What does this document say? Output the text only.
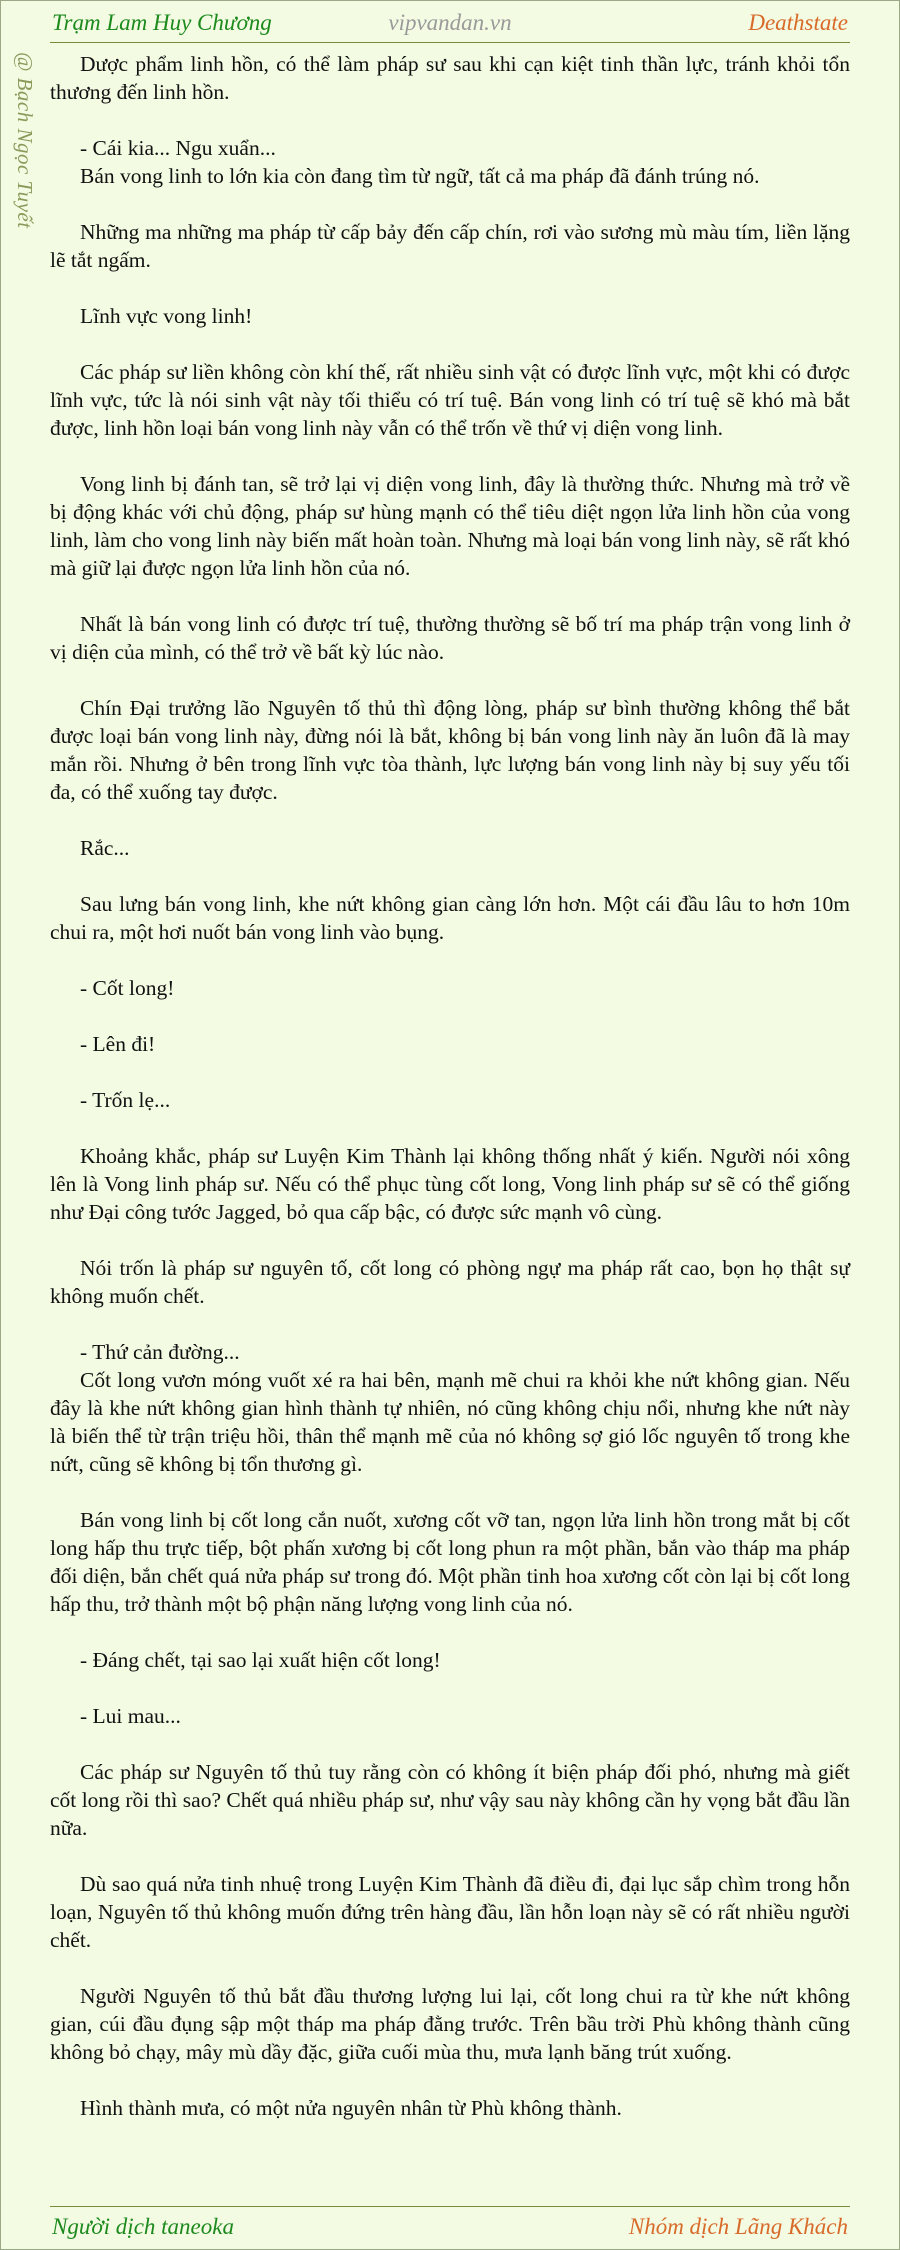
Trạm Lam Huy Chương	vipvandan.vn	Deathstate
@ Bạch Ngọc Tuyết	Dược phẩm linh hồn, có thể làm pháp sư sau khi cạn kiệt tinh thần lực, tránh khỏi tổn thương đến linh hồn.

- Cái kia... Ngu xuẩn...

Bán vong linh to lớn kia còn đang tìm từ ngữ, tất cả ma pháp đã đánh trúng nó.

Những ma những ma pháp từ cấp bảy đến cấp chín, rơi vào sương mù màu tím, liền lặng lẽ tắt ngấm.

Lĩnh vực vong linh!

Các pháp sư liền không còn khí thế, rất nhiều sinh vật có được lĩnh vực, một khi có được lĩnh vực, tức là nói sinh vật này tối thiểu có trí tuệ. Bán vong linh có trí tuệ sẽ khó mà bắt được, linh hồn loại bán vong linh này vẫn có thể trốn về thứ vị diện vong linh.

Vong linh bị đánh tan, sẽ trở lại vị diện vong linh, đây là thường thức. Nhưng mà trở về bị động khác với chủ động, pháp sư hùng mạnh có thể tiêu diệt ngọn lửa linh hồn của vong linh, làm cho vong linh này biến mất hoàn toàn. Nhưng mà loại bán vong linh này, sẽ rất khó mà giữ lại được ngọn lửa linh hồn của nó.

Nhất là bán vong linh có được trí tuệ, thường thường sẽ bố trí ma pháp trận vong linh ở vị diện của mình, có thể trở về bất kỳ lúc nào.

Chín Đại trưởng lão Nguyên tố thủ thì động lòng, pháp sư bình thường không thể bắt được loại bán vong linh này, đừng nói là bắt, không bị bán vong linh này ăn luôn đã là may mắn rồi. Nhưng ở bên trong lĩnh vực tòa thành, lực lượng bán vong linh này bị suy yếu tối đa, có thể xuống tay được.

Rắc...

Sau lưng bán vong linh, khe nứt không gian càng lớn hơn. Một cái đầu lâu to hơn 10m chui ra, một hơi nuốt bán vong linh vào bụng.

- Cốt long!

- Lên đi!

- Trốn lẹ...

Khoảng khắc, pháp sư Luyện Kim Thành lại không thống nhất ý kiến. Người nói xông lên là Vong linh pháp sư. Nếu có thể phục tùng cốt long, Vong linh pháp sư sẽ có thể giống như Đại công tước Jagged, bỏ qua cấp bậc, có được sức mạnh vô cùng.

Nói trốn là pháp sư nguyên tố, cốt long có phòng ngự ma pháp rất cao, bọn họ thật sự không muốn chết.

- Thứ cản đường...

Cốt long vươn móng vuốt xé ra hai bên, mạnh mẽ chui ra khỏi khe nứt không gian. Nếu đây là khe nứt không gian hình thành tự nhiên, nó cũng không chịu nổi, nhưng khe nứt này là biến thể từ trận triệu hồi, thân thể mạnh mẽ của nó không sợ gió lốc nguyên tố trong khe nứt, cũng sẽ không bị tổn thương gì.

Bán vong linh bị cốt long cắn nuốt, xương cốt vỡ tan, ngọn lửa linh hồn trong mắt bị cốt long hấp thu trực tiếp, bột phấn xương bị cốt long phun ra một phần, bắn vào tháp ma pháp đối diện, bắn chết quá nửa pháp sư trong đó. Một phần tinh hoa xương cốt còn lại bị cốt long hấp thu, trở thành một bộ phận năng lượng vong linh của nó.

- Đáng chết, tại sao lại xuất hiện cốt long!

- Lui mau...

Các pháp sư Nguyên tố thủ tuy rằng còn có không ít biện pháp đối phó, nhưng mà giết cốt long rồi thì sao? Chết quá nhiều pháp sư, như vậy sau này không cần hy vọng bắt đầu lần nữa.

Dù sao quá nửa tinh nhuệ trong Luyện Kim Thành đã điều đi, đại lục sắp chìm trong hỗn loạn, Nguyên tố thủ không muốn đứng trên hàng đầu, lần hỗn loạn này sẽ có rất nhiều người chết.

Người Nguyên tố thủ bắt đầu thương lượng lui lại, cốt long chui ra từ khe nứt không gian, cúi đầu đụng sập một tháp ma pháp đằng trước. Trên bầu trời Phù không thành cũng không bỏ chạy, mây mù dầy đặc, giữa cuối mùa thu, mưa lạnh băng trút xuống.

Hình thành mưa, có một nửa nguyên nhân từ Phù không thành.

Người dịch taneoka	Nhóm dịch Lãng Khách
